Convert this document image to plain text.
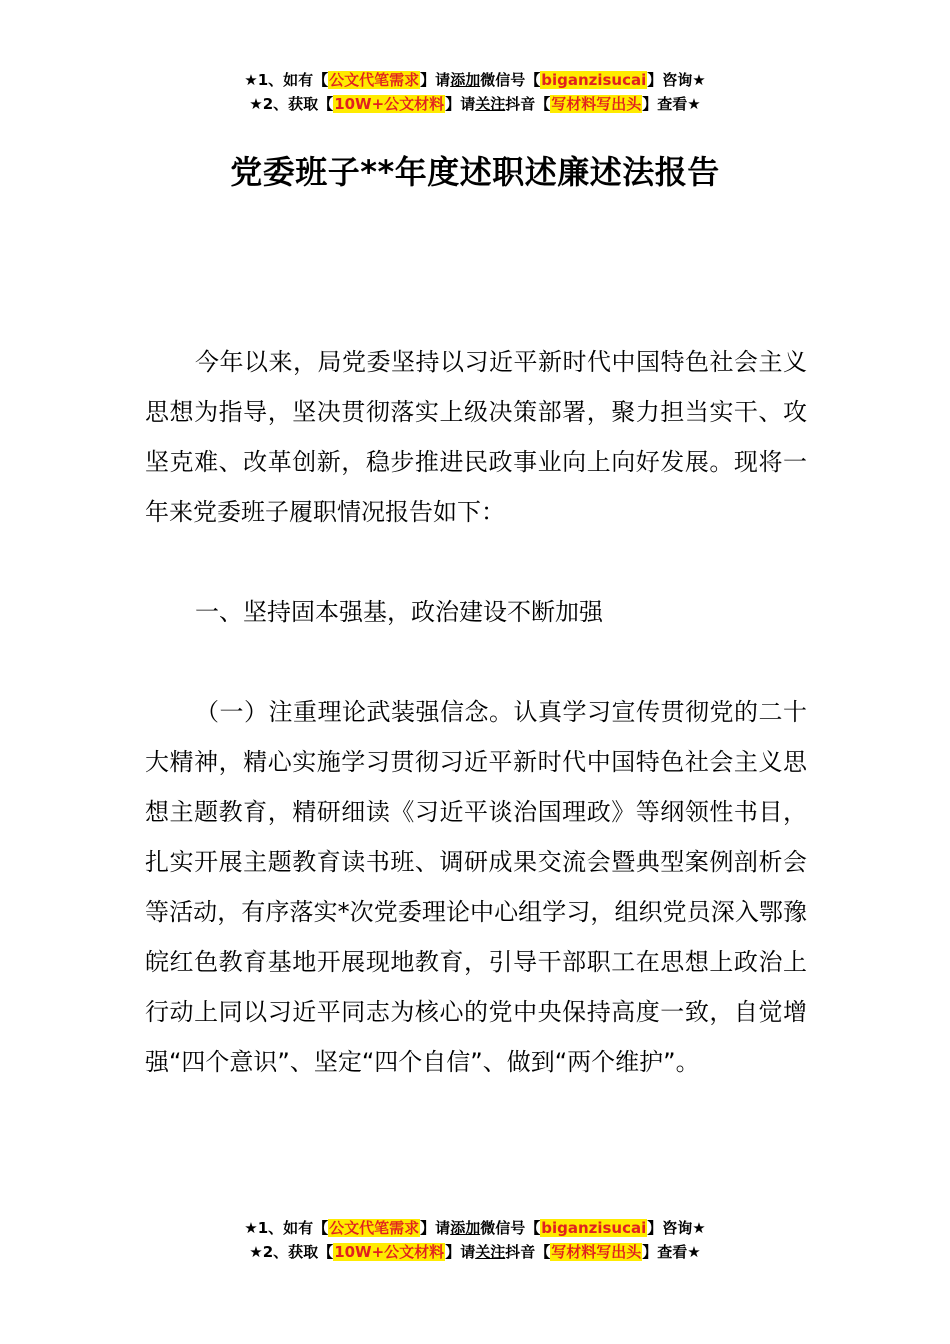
★1、如有【公文代笔需求】请添加微信号【biganzisucai】咨询★
★2、获取【10W+公文材料】请关注抖音【写材料写出头】查看★
党委班子**年度述职述廉述法报告

今年以来，局党委坚持以习近平新时代中国特色社会主义思想为指导，坚决贯彻落实上级决策部署，聚力担当实干、攻坚克难、改革创新，稳步推进民政事业向上向好发展。现将一年来党委班子履职情况报告如下：

一、坚持固本强基，政治建设不断加强

（一）注重理论武装强信念。认真学习宣传贯彻党的二十大精神，精心实施学习贯彻习近平新时代中国特色社会主义思想主题教育，精研细读《习近平谈治国理政》等纲领性书目，扎实开展主题教育读书班、调研成果交流会暨典型案例剖析会等活动，有序落实*次党委理论中心组学习，组织党员深入鄂豫皖红色教育基地开展现地教育，引导干部职工在思想上政治上行动上同以习近平同志为核心的党中央保持高度一致，自觉增强“四个意识”、坚定“四个自信”、做到“两个维护”。

★1、如有【公文代笔需求】请添加微信号【biganzisucai】咨询★
★2、获取【10W+公文材料】请关注抖音【写材料写出头】查看★
